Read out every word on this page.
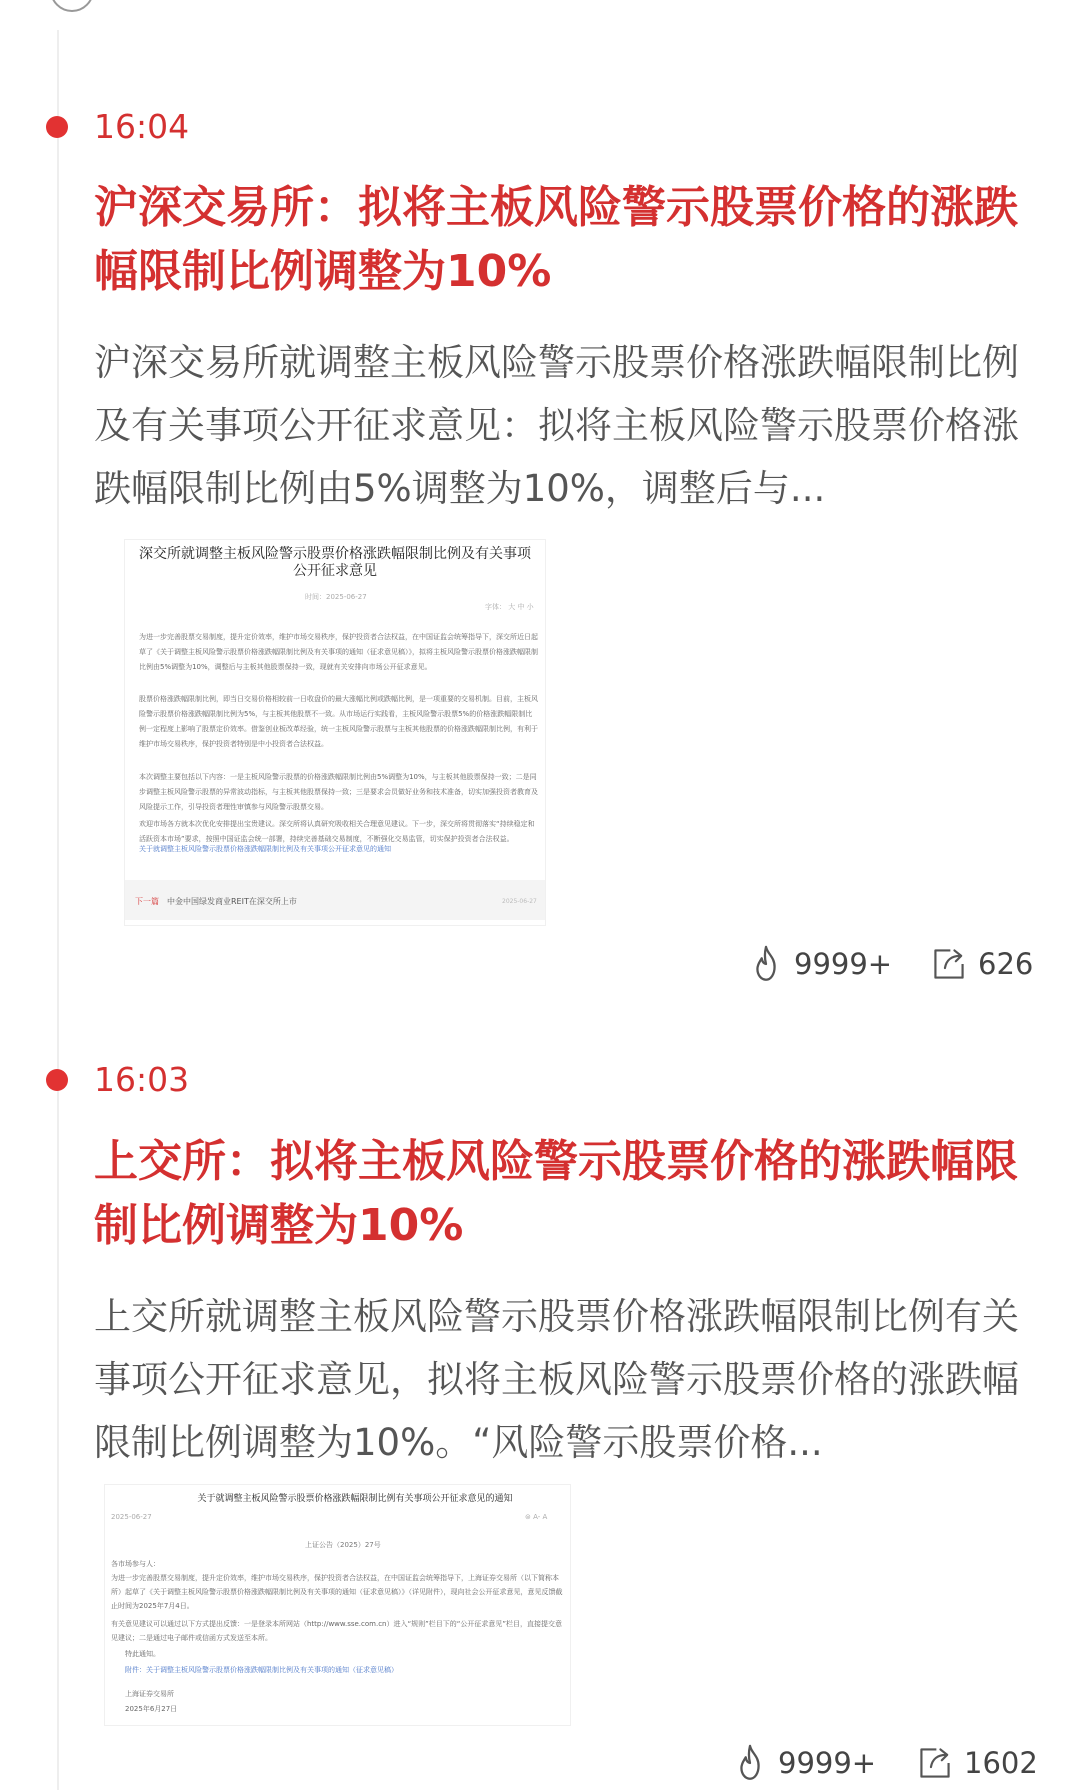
16:04
沪深交易所：拟将主板风险警示股票价格的涨跌幅限制比例调整为10%

沪深交易所就调整主板风险警示股票价格涨跌幅限制比例及有关事项公开征求意见：拟将主板风险警示股票价格涨跌幅限制比例由5%调整为10%，调整后与...

深交所就调整主板风险警示股票价格涨跌幅限制比例及有关事项公开征求意见
时间：2025-06-27
字体： 大 中 小
为进一步完善股票交易制度，提升定价效率，维护市场交易秩序，保护投资者合法权益，在中国证监会统筹指导下，深交所近日起草了《关于调整主板风险警示股票价格涨跌幅限制比例及有关事项的通知（征求意见稿）》，拟将主板风险警示股票价格涨跌幅限制比例由5%调整为10%，调整后与主板其他股票保持一致，现就有关安排向市场公开征求意见。
股票价格涨跌幅限制比例，即当日交易价格相较前一日收盘价的最大涨幅比例或跌幅比例，是一项重要的交易机制。目前，主板风险警示股票价格涨跌幅限制比例为5%，与主板其他股票不一致。从市场运行实践看，主板风险警示股票5%的价格涨跌幅限制比例一定程度上影响了股票定价效率。借鉴创业板改革经验，统一主板风险警示股票与主板其他股票的价格涨跌幅限制比例，有利于维护市场交易秩序，保护投资者特别是中小投资者合法权益。
本次调整主要包括以下内容：一是主板风险警示股票的价格涨跌幅限制比例由5%调整为10%，与主板其他股票保持一致；二是同步调整主板风险警示股票的异常波动指标，与主板其他股票保持一致；三是要求会员做好业务和技术准备，切实加强投资者教育及风险提示工作，引导投资者理性审慎参与风险警示股票交易。
欢迎市场各方就本次优化安排提出宝贵建议。深交所将认真研究吸收相关合理意见建议。下一步，深交所将贯彻落实“持续稳定和活跃资本市场”要求，按照中国证监会统一部署，持续完善基础交易制度，不断强化交易监管，切实保护投资者合法权益。
关于就调整主板风险警示股票价格涨跌幅限制比例及有关事项公开征求意见的通知
下一篇 中金中国绿发商业REIT在深交所上市	2025-06-27
9999+	626
16:03
上交所：拟将主板风险警示股票价格的涨跌幅限制比例调整为10%

上交所就调整主板风险警示股票价格涨跌幅限制比例有关事项公开征求意见，拟将主板风险警示股票价格的涨跌幅限制比例调整为10%。“风险警示股票价格...

关于就调整主板风险警示股票价格涨跌幅限制比例有关事项公开征求意见的通知
2025-06-27	⊜ A- A
上证公告（2025）27号
各市场参与人：
为进一步完善股票交易制度，提升定价效率，维护市场交易秩序，保护投资者合法权益，在中国证监会统筹指导下，上海证券交易所（以下简称本所）起草了《关于调整主板风险警示股票价格涨跌幅限制比例及有关事项的通知（征求意见稿）》（详见附件），现向社会公开征求意见，意见反馈截止时间为2025年7月4日。
有关意见建议可以通过以下方式提出反馈：一是登录本所网站（http://www.sse.com.cn）进入“规则”栏目下的“公开征求意见”栏目，直接提交意见建议；二是通过电子邮件或信函方式发送至本所。
特此通知。
附件：关于调整主板风险警示股票价格涨跌幅限制比例及有关事项的通知（征求意见稿）
上海证券交易所
2025年6月27日
9999+	1602
